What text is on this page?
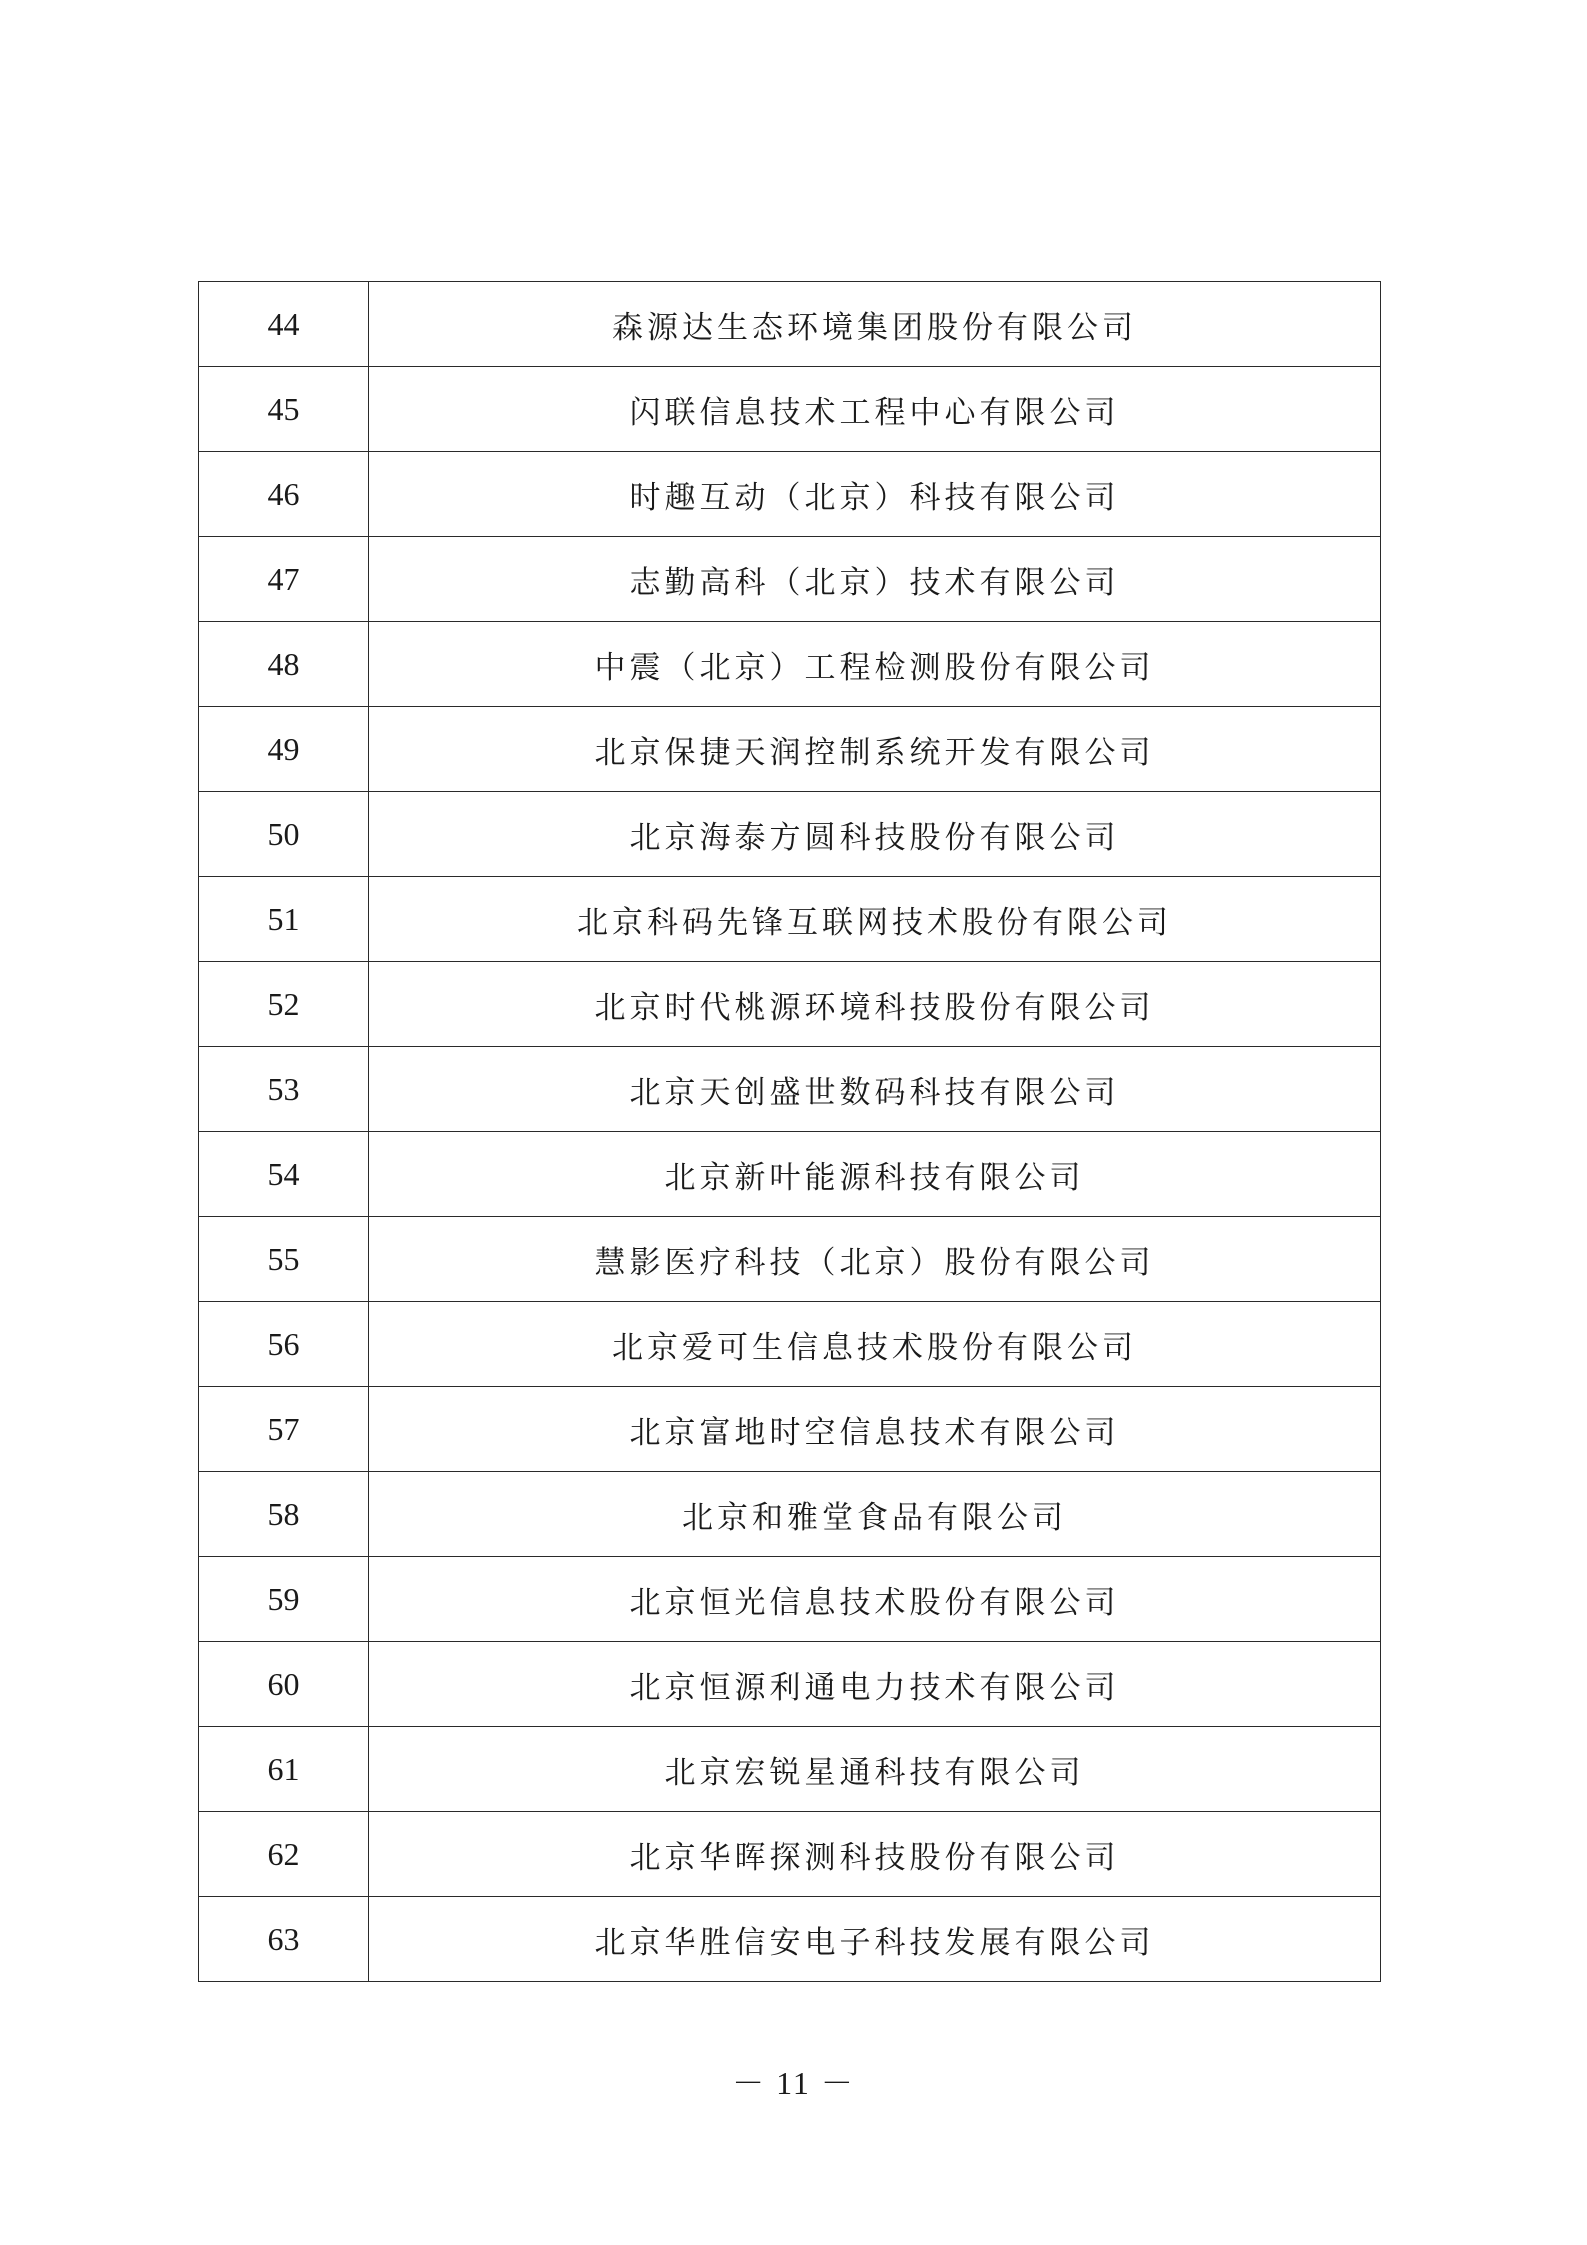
44	森源达生态环境集团股份有限公司
45	闪联信息技术工程中心有限公司
46	时趣互动（北京）科技有限公司
47	志勤高科（北京）技术有限公司
48	中震（北京）工程检测股份有限公司
49	北京保捷天润控制系统开发有限公司
50	北京海泰方圆科技股份有限公司
51	北京科码先锋互联网技术股份有限公司
52	北京时代桃源环境科技股份有限公司
53	北京天创盛世数码科技有限公司
54	北京新叶能源科技有限公司
55	慧影医疗科技（北京）股份有限公司
56	北京爱可生信息技术股份有限公司
57	北京富地时空信息技术有限公司
58	北京和雅堂食品有限公司
59	北京恒光信息技术股份有限公司
60	北京恒源利通电力技术有限公司
61	北京宏锐星通科技有限公司
62	北京华晖探测科技股份有限公司
63	北京华胜信安电子科技发展有限公司
－ 11 －
